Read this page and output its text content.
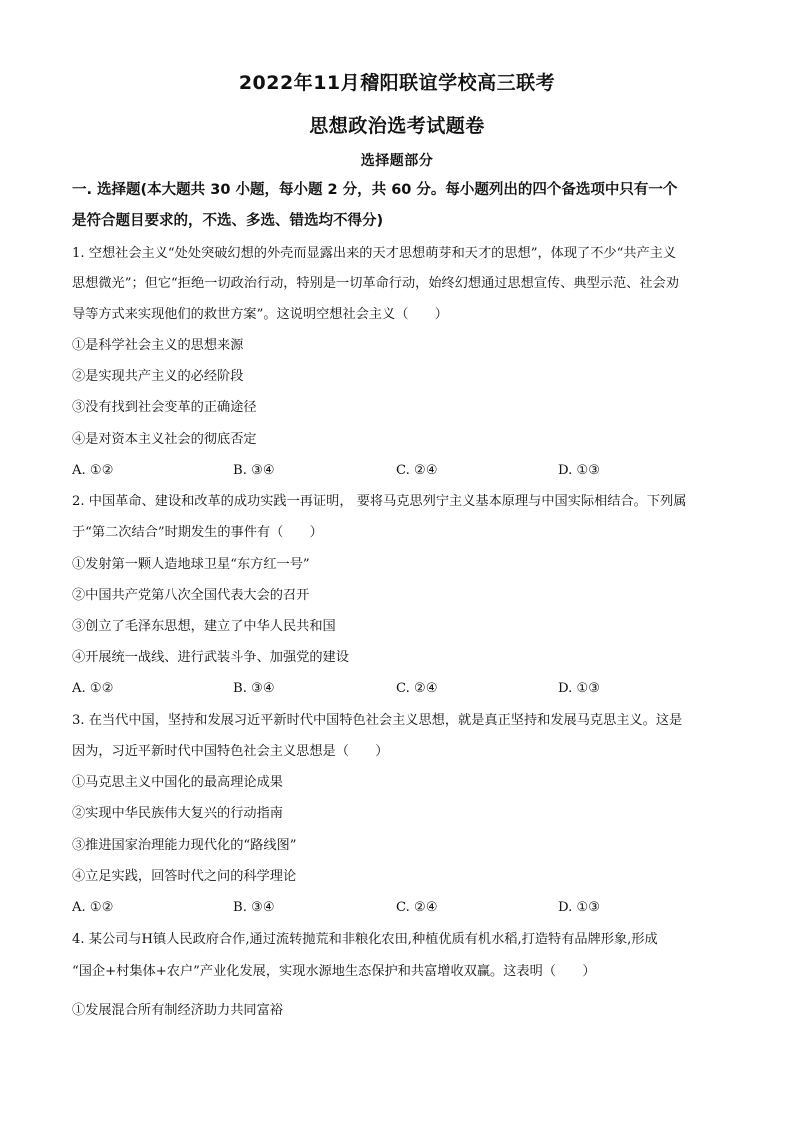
2022年11月稽阳联谊学校高三联考
思想政治选考试题卷
选择题部分
一. 选择题(本大题共 30 小题，每小题 2 分，共 60 分。每小题列出的四个备选项中只有一个
是符合题目要求的，不选、多选、错选均不得分)
1. 空想社会主义“处处突破幻想的外壳而显露出来的天才思想萌芽和天才的思想”，体现了不少“共产主义
思想微光”；但它“拒绝一切政治行动，特别是一切革命行动，始终幻想通过思想宣传、典型示范、社会劝
导等方式来实现他们的救世方案”。这说明空想社会主义（　　）
①是科学社会主义的思想来源
②是实现共产主义的必经阶段
③没有找到社会变革的正确途径
④是对资本主义社会的彻底否定
A. ①②	B. ③④	C. ②④	D. ①③
2. 中国革命、建设和改革的成功实践一再证明， 要将马克思列宁主义基本原理与中国实际相结合。下列属
于“第二次结合”时期发生的事件有（　　）
①发射第一颗人造地球卫星“东方红一号”
②中国共产党第八次全国代表大会的召开
③创立了毛泽东思想，建立了中华人民共和国
④开展统一战线、进行武装斗争、加强党的建设
A. ①②	B. ③④	C. ②④	D. ①③
3. 在当代中国，坚持和发展习近平新时代中国特色社会主义思想，就是真正坚持和发展马克思主义。这是
因为，习近平新时代中国特色社会主义思想是（　　）
①马克思主义中国化的最高理论成果
②实现中华民族伟大复兴的行动指南
③推进国家治理能力现代化的“路线图”
④立足实践，回答时代之问的科学理论
A. ①②	B. ③④	C. ②④	D. ①③
4. 某公司与H镇人民政府合作,通过流转抛荒和非粮化农田,种植优质有机水稻,打造特有品牌形象,形成
“国企+村集体+农户”产业化发展，实现水源地生态保护和共富增收双赢。这表明（　　）
①发展混合所有制经济助力共同富裕
